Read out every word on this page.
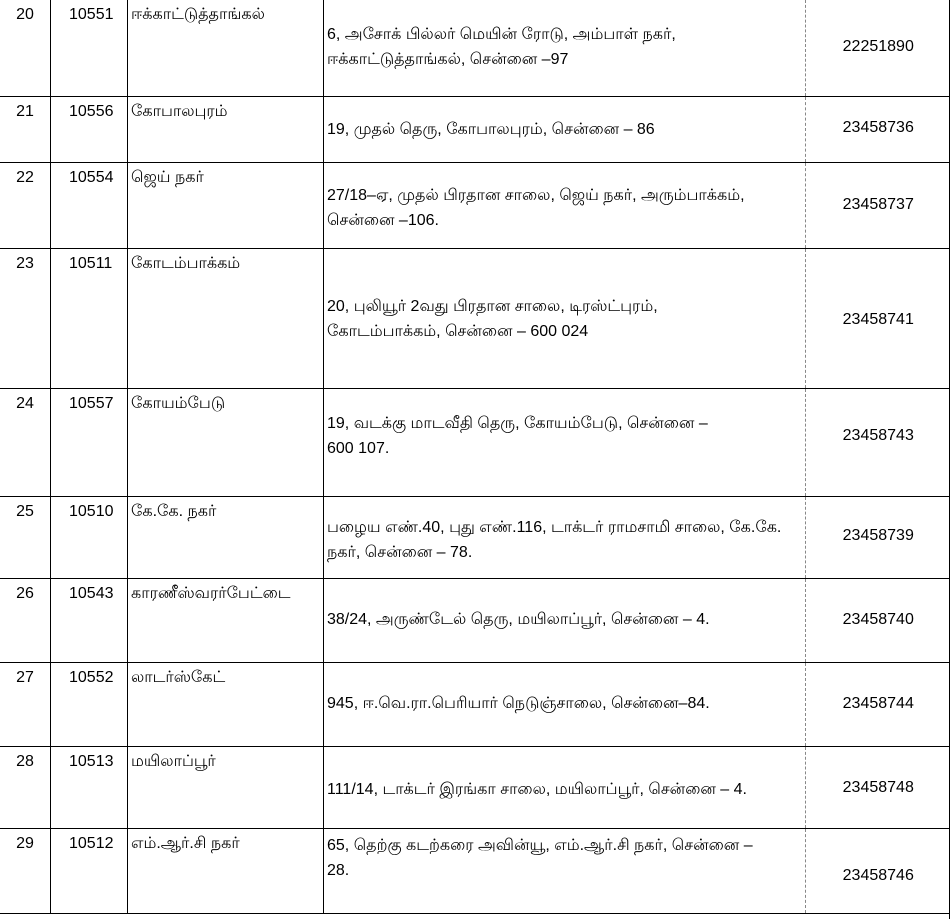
20	10551	ஈக்காட்டுத்தாங்கல்	6, அசோக் பில்லர் மெயின் ரோடு, அம்பாள் நகர்,
ஈக்காட்டுத்தாங்கல், சென்னை –97	22251890
21	10556	கோபாலபுரம்	19, முதல் தெரு, கோபாலபுரம், சென்னை – 86	23458736
22	10554	ஜெய் நகர்	27/18–ஏ, முதல் பிரதான சாலை, ஜெய் நகர், அரும்பாக்கம்,
சென்னை –106.	23458737
23	10511	கோடம்பாக்கம்	20, புலியூர் 2வது பிரதான சாலை, டிரஸ்ட்புரம்,
கோடம்பாக்கம், சென்னை – 600 024	23458741
24	10557	கோயம்பேடு	19, வடக்கு மாடவீதி தெரு, கோயம்பேடு, சென்னை –
600 107.	23458743
25	10510	கே.கே. நகர்	பழைய எண்.40, புது எண்.116, டாக்டர் ராமசாமி சாலை, கே.கே.
நகர், சென்னை – 78.	23458739
26	10543	காரணீஸ்வரர்பேட்டை	38/24, அருண்டேல் தெரு, மயிலாப்பூர், சென்னை – 4.	23458740
27	10552	லாடர்ஸ்கேட்	945, ஈ.வெ.ரா.பெரியார் நெடுஞ்சாலை, சென்னை–84.	23458744
28	10513	மயிலாப்பூர்	111/14, டாக்டர் இரங்கா சாலை, மயிலாப்பூர், சென்னை – 4.	23458748
29	10512	எம்.ஆர்.சி நகர்	65, தெற்கு கடற்கரை அவின்யூ, எம்.ஆர்.சி நகர், சென்னை –
28.	23458746
